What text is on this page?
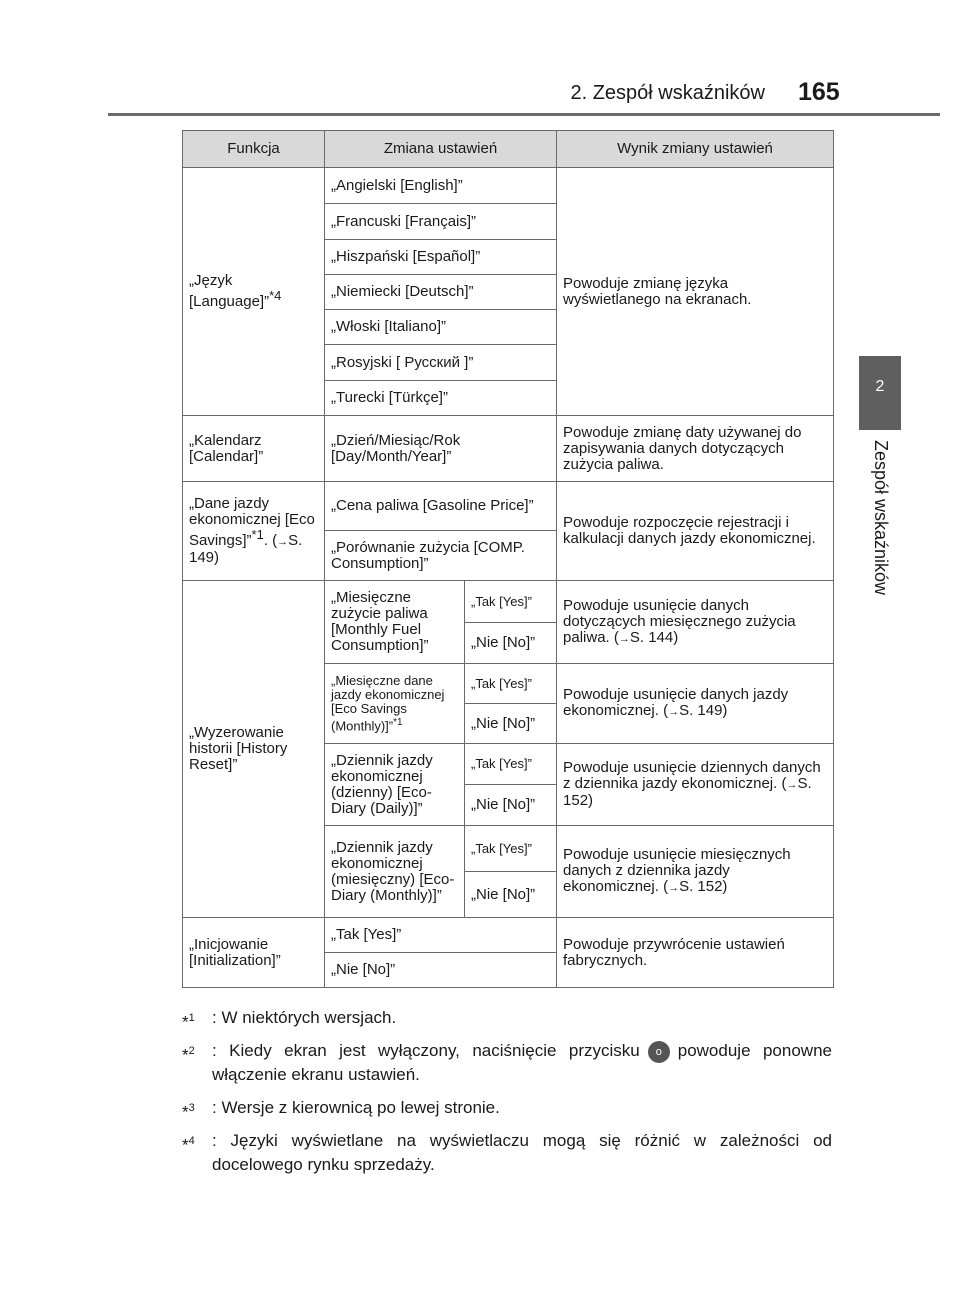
2. Zespół wskaźników 165
2
Zespół wskaźników
Funkcja	Zmiana ustawień		Wynik zmiany ustawień
„Język [Language]”$^{*4}$	„Angielski [English]”		Powoduje zmianę języka wyświetlanego na ekranach.
	„Francuski [Français]”		
	„Hiszpański [Español]”		
	„Niemiecki [Deutsch]”		
	„Włoski [Italiano]”		
	„Rosyjski [ Русский ]”		
	„Turecki [Türkçe]”		
„Kalendarz [Calendar]”	„Dzień/Miesiąc/Rok [Day/Month/Year]”		Powoduje zmianę daty używanej do zapisywania danych dotyczących zużycia paliwa.
„Dane jazdy ekonomicznej [Eco Savings]”$^{*1}$. (→S. 149)	„Cena paliwa [Gasoline Price]”		Powoduje rozpoczęcie rejestracji i kalkulacji danych jazdy ekonomicznej.
	„Porównanie zużycia [COMP. Consumption]”		
„Wyzerowanie historii [History Reset]”	„Miesięczne zużycie paliwa [Monthly Fuel Consumption]”	„Tak [Yes]”	Powoduje usunięcie danych dotyczących miesięcznego zużycia paliwa. (→S. 144)
		„Nie [No]”	
	„Miesięczne dane jazdy ekonomicznej [Eco Savings (Monthly)]”$^{*1}$	„Tak [Yes]”	Powoduje usunięcie danych jazdy ekonomicznej. (→S. 149)
		„Nie [No]”	
	„Dziennik jazdy ekonomicznej (dzienny) [Eco-Diary (Daily)]”	„Tak [Yes]”	Powoduje usunięcie dziennych danych z dziennika jazdy ekonomicznej. (→S. 152)
		„Nie [No]”	
	„Dziennik jazdy ekonomicznej (miesięczny) [Eco-Diary (Monthly)]”	„Tak [Yes]”	Powoduje usunięcie miesięcznych danych z dziennika jazdy ekonomicznej. (→S. 152)
		„Nie [No]”	
„Inicjowanie [Initialization]”	„Tak [Yes]”		Powoduje przywrócenie ustawień fabrycznych.
	„Nie [No]”		
*$^1$ : W niektórych wersjach.
*$^2$ : Kiedy ekran jest wyłączony, naciśnięcie przycisku o powoduje ponowne włączenie ekranu ustawień.
*$^3$ : Wersje z kierownicą po lewej stronie.
*$^4$ : Języki wyświetlane na wyświetlaczu mogą się różnić w zależności od docelowego rynku sprzedaży.
